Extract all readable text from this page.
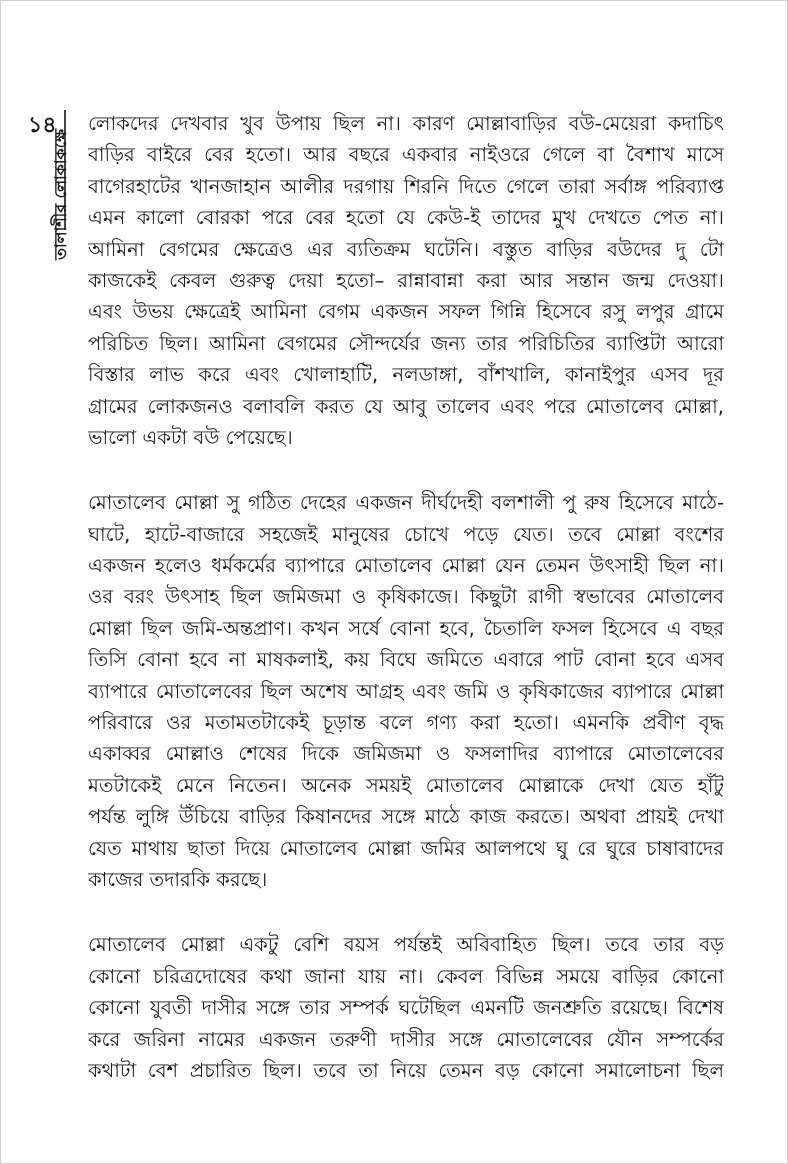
১৪
তালাশীর লোকাকক্ষে
লোকদের দেখবার খুব উপায় ছিল না। কারণ মোল্লাবাড়ির বউ-মেয়েরা কদাচিৎ
বাড়ির বাইরে বের হতো। আর বছরে একবার নাইওরে গেলে বা বৈশাখ মাসে
বাগেরহাটের খানজাহান আলীর দরগায় শিরনি দিতে গেলে তারা সর্বাঙ্গ পরিব্যাপ্ত
এমন কালো বোরকা পরে বের হতো যে কেউ-ই তাদের মুখ দেখতে পেত না।
আমিনা বেগমের ক্ষেত্রেও এর ব্যতিক্রম ঘটেনি। বস্তুত বাড়ির বউদের দু টো
কাজকেই কেবল গুরুত্ব দেয়া হতো– রান্নাবান্না করা আর সন্তান জন্ম দেওয়া।
এবং উভয় ক্ষেত্রেই আমিনা বেগম একজন সফল গিন্নি হিসেবে রসু লপুর গ্রামে
পরিচিত ছিল। আমিনা বেগমের সৌন্দর্যের জন্য তার পরিচিতির ব্যাপ্তিটা আরো
বিস্তার লাভ করে এবং খোলাহাটি, নলডাঙ্গা, বাঁশখালি, কানাইপুর এসব দূর
গ্রামের লোকজনও বলাবলি করত যে আবু তালেব এবং পরে মোতালেব মোল্লা,
ভালো একটা বউ পেয়েছে।
মোতালেব মোল্লা সু গঠিত দেহের একজন দীর্ঘদেহী বলশালী পু রুষ হিসেবে মাঠে-
ঘাটে, হাটে-বাজারে সহজেই মানুষের চোখে পড়ে যেত। তবে মোল্লা বংশের
একজন হলেও ধর্মকর্মের ব্যাপারে মোতালেব মোল্লা যেন তেমন উৎসাহী ছিল না।
ওর বরং উৎসাহ ছিল জমিজমা ও কৃষিকাজে। কিছুটা রাগী স্বভাবের মোতালেব
মোল্লা ছিল জমি-অন্তপ্রাণ। কখন সর্ষে বোনা হবে, চৈতালি ফসল হিসেবে এ বছর
তিসি বোনা হবে না মাষকলাই, কয় বিঘে জমিতে এবারে পাট বোনা হবে এসব
ব্যাপারে মোতালেবের ছিল অশেষ আগ্রহ এবং জমি ও কৃষিকাজের ব্যাপারে মোল্লা
পরিবারে ওর মতামতটাকেই চূড়ান্ত বলে গণ্য করা হতো। এমনকি প্রবীণ বৃদ্ধ
একাব্বর মোল্লাও শেষের দিকে জমিজমা ও ফসলাদির ব্যাপারে মোতালেবের
মতটাকেই মেনে নিতেন। অনেক সময়ই মোতালেব মোল্লাকে দেখা যেত হাঁটু
পর্যন্ত লুঙ্গি উঁচিয়ে বাড়ির কিষানদের সঙ্গে মাঠে কাজ করতে। অথবা প্রায়ই দেখা
যেত মাথায় ছাতা দিয়ে মোতালেব মোল্লা জমির আলপথে ঘু রে ঘুরে চাষাবাদের
কাজের তদারকি করছে।
মোতালেব মোল্লা একটু বেশি বয়স পর্যন্তই অবিবাহিত ছিল। তবে তার বড়
কোনো চরিত্রদোষের কথা জানা যায় না। কেবল বিভিন্ন সময়ে বাড়ির কোনো
কোনো যুবতী দাসীর সঙ্গে তার সম্পর্ক ঘটেছিল এমনটি জনশ্রুতি রয়েছে। বিশেষ
করে জরিনা নামের একজন তরুণী দাসীর সঙ্গে মোতালেবের যৌন সম্পর্কের
কথাটা বেশ প্রচারিত ছিল। তবে তা নিয়ে তেমন বড় কোনো সমালোচনা ছিল
